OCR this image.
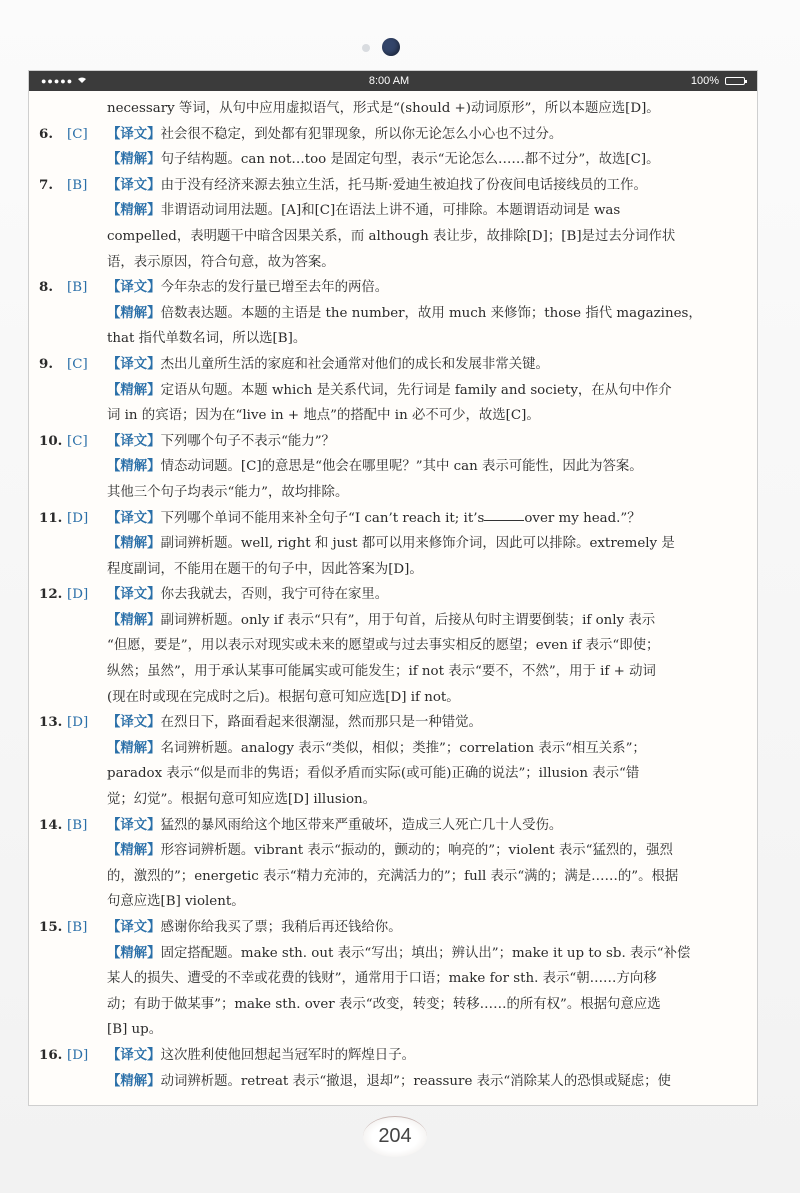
●●●●●	8:00 AM	100%
necessary 等词，从句中应用虚拟语气，形式是“(should +)动词原形”，所以本题应选[D]。
6.	[C]	【译文】 社会很不稳定，到处都有犯罪现象，所以你无论怎么小心也不过分。
【精解】句子结构题。can not…too 是固定句型，表示“无论怎么……都不过分”，故选[C]。
7.	[B]	【译文】 由于没有经济来源去独立生活，托马斯·爱迪生被迫找了份夜间电话接线员的工作。
【精解】非谓语动词用法题。[A]和[C]在语法上讲不通，可排除。本题谓语动词是 was
compelled，表明题干中暗含因果关系，而 although 表让步，故排除[D]；[B]是过去分词作状
语，表示原因，符合句意，故为答案。
8.	[B]	【译文】 今年杂志的发行量已增至去年的两倍。
【精解】倍数表达题。本题的主语是 the number，故用 much 来修饰；those 指代 magazines，
that 指代单数名词，所以选[B]。
9.	[C]	【译文】 杰出儿童所生活的家庭和社会通常对他们的成长和发展非常关键。
【精解】定语从句题。本题 which 是关系代词，先行词是 family and society，在从句中作介
词 in 的宾语；因为在“live in + 地点”的搭配中 in 必不可少，故选[C]。
10. [C]	【译文】 下列哪个句子不表示“能力”？
【精解】情态动词题。[C]的意思是“他会在哪里呢？”其中 can 表示可能性，因此为答案。
其他三个句子均表示“能力”，故均排除。
11. [D]	【译文】 下列哪个单词不能用来补全句子“I can’t reach it; it’s	over my head.”？
【精解】副词辨析题。well, right 和 just 都可以用来修饰介词，因此可以排除。extremely 是
程度副词，不能用在题干的句子中，因此答案为[D]。
12. [D]	【译文】 你去我就去，否则，我宁可待在家里。
【精解】副词辨析题。only if 表示“只有”，用于句首，后接从句时主谓要倒装；if only 表示
“但愿，要是”，用以表示对现实或未来的愿望或与过去事实相反的愿望；even if 表示“即使；
纵然；虽然”，用于承认某事可能属实或可能发生；if not 表示“要不，不然”，用于 if + 动词
(现在时或现在完成时之后)。根据句意可知应选[D] if not。
13. [D]	【译文】 在烈日下，路面看起来很潮湿，然而那只是一种错觉。
【精解】名词辨析题。analogy 表示“类似，相似；类推”；correlation 表示“相互关系”；
paradox 表示“似是而非的隽语；看似矛盾而实际(或可能)正确的说法”；illusion 表示“错
觉；幻觉”。根据句意可知应选[D] illusion。
14. [B]	【译文】 猛烈的暴风雨给这个地区带来严重破坏，造成三人死亡几十人受伤。
【精解】形容词辨析题。vibrant 表示“振动的，颤动的；响亮的”；violent 表示“猛烈的，强烈
的，激烈的”；energetic 表示“精力充沛的，充满活力的”；full 表示“满的；满是……的”。根据
句意应选[B] violent。
15. [B]	【译文】 感谢你给我买了票；我稍后再还钱给你。
【精解】固定搭配题。make sth. out 表示“写出；填出；辨认出”；make it up to sb. 表示“补偿
某人的损失、遭受的不幸或花费的钱财”，通常用于口语；make for sth. 表示“朝……方向移
动；有助于做某事”；make sth. over 表示“改变，转变；转移……的所有权”。根据句意应选
[B] up。
16. [D]	【译文】 这次胜利使他回想起当冠军时的辉煌日子。
【精解】动词辨析题。retreat 表示“撤退，退却”；reassure 表示“消除某人的恐惧或疑虑；使
204
